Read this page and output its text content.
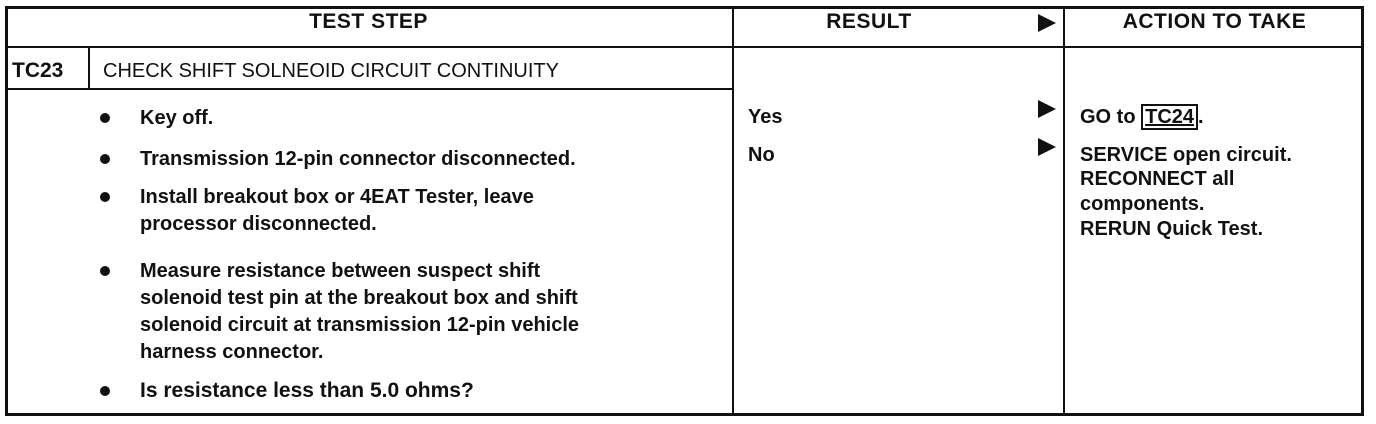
TEST STEP	RESULT	ACTION TO TAKE
TC23 CHECK SHIFT SOLNEOID CIRCUIT CONTINUITY
Key off.
Transmission 12-pin connector disconnected.
Install breakout box or 4EAT Tester, leave
processor disconnected.
Measure resistance between suspect shift
solenoid test pin at the breakout box and shift
solenoid circuit at transmission 12-pin vehicle
harness connector.
Is resistance less than 5.0 ohms?
Yes
No
GO to TC24 .
SERVICE open circuit.
RECONNECT all
components.
RERUN Quick Test.
